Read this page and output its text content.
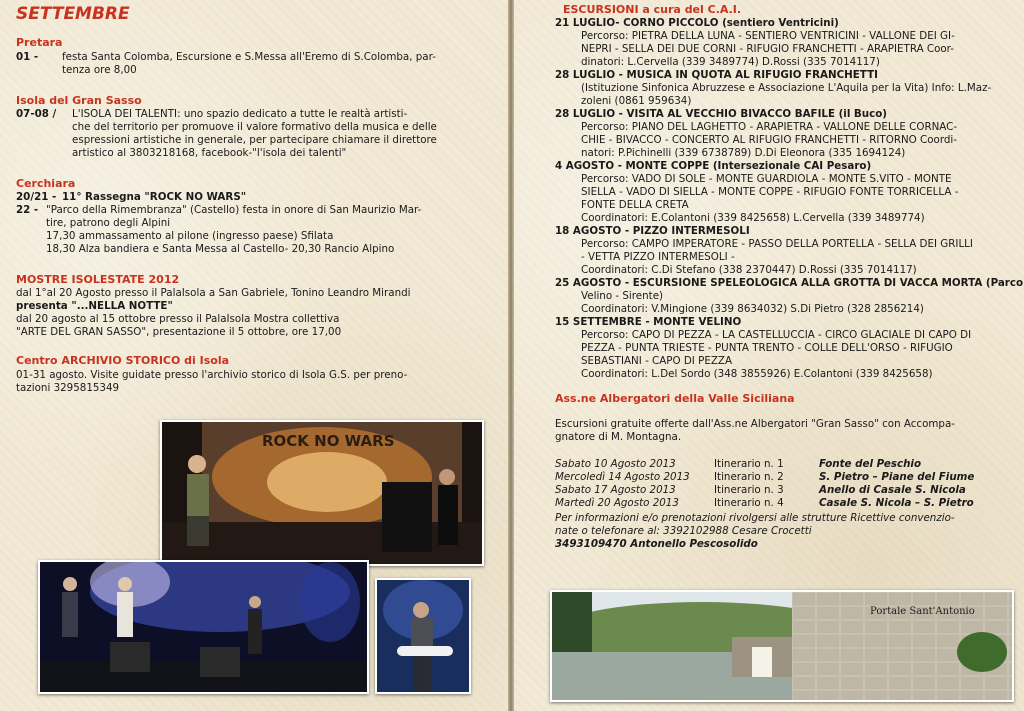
SETTEMBRE
Pretara
01 - festa Santa Colomba, Escursione e S.Messa all'Eremo di S.Colomba, par-
tenza ore 8,00
Isola del Gran Sasso
07-08 / L'ISOLA DEI TALENTI: uno spazio dedicato a tutte le realtà artisti-
che del territorio per promuove il valore formativo della musica e delle
espressioni artistiche in generale, per partecipare chiamare il direttore
artistico al 3803218168, facebook-"l'isola dei talenti"
Cerchiara
20/21 - 11° Rassegna "ROCK NO WARS"
22 - "Parco della Rimembranza" (Castello) festa in onore di San Maurizio Mar-
tire, patrono degli Alpini
17,30 ammassamento al pilone (ingresso paese) Sfilata
18,30 Alza bandiera e Santa Messa al Castello- 20,30 Rancio Alpino
MOSTRE ISOLESTATE 2012
dal 1°al 20 Agosto presso il PalaIsola a San Gabriele, Tonino Leandro Mirandi
presenta "...NELLA NOTTE"
dal 20 agosto al 15 ottobre presso il PalaIsola Mostra collettiva
"ARTE DEL GRAN SASSO", presentazione il 5 ottobre, ore 17,00
Centro ARCHIVIO STORICO di Isola
01-31 agosto. Visite guidate presso l'archivio storico di Isola G.S. per preno-
tazioni 3295815349
ROCK NO WARS
ESCURSIONI a cura del C.A.I.
21 LUGLIO- CORNO PICCOLO (sentiero Ventricini)
Percorso: PIETRA DELLA LUNA - SENTIERO VENTRICINI - VALLONE DEI GI-
NEPRI - SELLA DEI DUE CORNI - RIFUGIO FRANCHETTI - ARAPIETRA Coor-
dinatori: L.Cervella (339 3489774) D.Rossi (335 7014117)
28 LUGLIO - MUSICA IN QUOTA AL RIFUGIO FRANCHETTI
(Istituzione Sinfonica Abruzzese e Associazione L'Aquila per la Vita) Info: L.Maz-
zoleni (0861 959634)
28 LUGLIO - VISITA AL VECCHIO BIVACCO BAFILE (il Buco)
Percorso: PIANO DEL LAGHETTO - ARAPIETRA - VALLONE DELLE CORNAC-
CHIE - BIVACCO - CONCERTO AL RIFUGIO FRANCHETTI - RITORNO Coordi-
natori: P.Pichinelli (339 6738789) D.Di Eleonora (335 1694124)
4 AGOSTO - MONTE COPPE (Intersezionale CAI Pesaro)
Percorso: VADO DI SOLE - MONTE GUARDIOLA - MONTE S.VITO - MONTE
SIELLA - VADO DI SIELLA - MONTE COPPE - RIFUGIO FONTE TORRICELLA -
FONTE DELLA CRETA
Coordinatori: E.Colantoni (339 8425658) L.Cervella (339 3489774)
18 AGOSTO - PIZZO INTERMESOLI
Percorso: CAMPO IMPERATORE - PASSO DELLA PORTELLA - SELLA DEI GRILLI
- VETTA PIZZO INTERMESOLI -
Coordinatori: C.Di Stefano (338 2370447) D.Rossi (335 7014117)
25 AGOSTO - ESCURSIONE SPELEOLOGICA ALLA GROTTA DI VACCA MORTA (Parco
Velino - Sirente)
Coordinatori: V.Mingione (339 8634032) S.Di Pietro (328 2856214)
15 SETTEMBRE - MONTE VELINO
Percorso: CAPO DI PEZZA - LA CASTELLUCCIA - CIRCO GLACIALE DI CAPO DI
PEZZA - PUNTA TRIESTE - PUNTA TRENTO - COLLE DELL'ORSO - RIFUGIO
SEBASTIANI - CAPO DI PEZZA
Coordinatori: L.Del Sordo (348 3855926) E.Colantoni (339 8425658)
Ass.ne Albergatori della Valle Siciliana
Escursioni gratuite offerte dall'Ass.ne Albergatori "Gran Sasso" con Accompa-
gnatore di M. Montagna.
Sabato 10 Agosto 2013	Itinerario n. 1	Fonte del Peschio
Mercoledì 14 Agosto 2013 Itinerario n. 2	S. Pietro – Piane del Fiume
Sabato 17 Agosto 2013	Itinerario n. 3	Anello di Casale S. Nicola
Martedì 20 Agosto 2013	Itinerario n. 4	Casale S. Nicola – S. Pietro
Per informazioni e/o prenotazioni rivolgersi alle strutture Ricettive convenzio-
nate o telefonare al: 3392102988 Cesare Crocetti
3493109470 Antonello Pescosolido
Portale Sant'Antonio
